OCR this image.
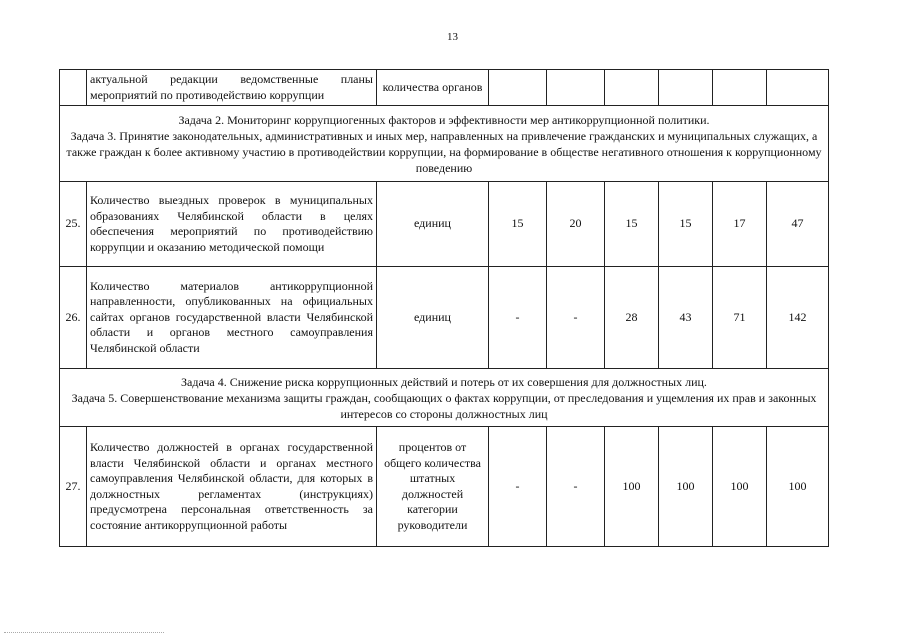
13
	актуальной редакции ведомственные планы мероприятий по противодействию коррупции	количества органов						

Задача 2. Мониторинг коррупциогенных факторов и эффективности мер антикоррупционной политики.
Задача 3. Принятие законодательных, административных и иных мер, направленных на привлечение гражданских и муниципальных служащих, а также граждан к более активному участию в противодействии коррупции, на формирование в обществе негативного отношения к коррупционному поведению								

25.	Количество выездных проверок в муниципальных образованиях Челябинской области в целях обеспечения мероприятий по противодействию коррупции и оказанию методической помощи	единиц	15	20	15	15	17	47
26.	Количество материалов антикоррупционной направленности, опубликованных на официальных сайтах органов государственной власти Челябинской области и органов местного самоуправления Челябинской области	единиц	-	-	28	43	71	142

Задача 4. Снижение риска коррупционных действий и потерь от их совершения для должностных лиц.
Задача 5. Совершенствование механизма защиты граждан, сообщающих о фактах коррупции, от преследования и ущемления их прав и законных интересов со стороны должностных лиц								

27.	Количество должностей в органах государственной власти Челябинской области и органах местного самоуправления Челябинской области, для которых в должностных регламентах (инструкциях) предусмотрена персональная ответственность за состояние антикоррупционной работы	процентов от общего количества штатных должностей категории руководители	-	-	100	100	100	100
